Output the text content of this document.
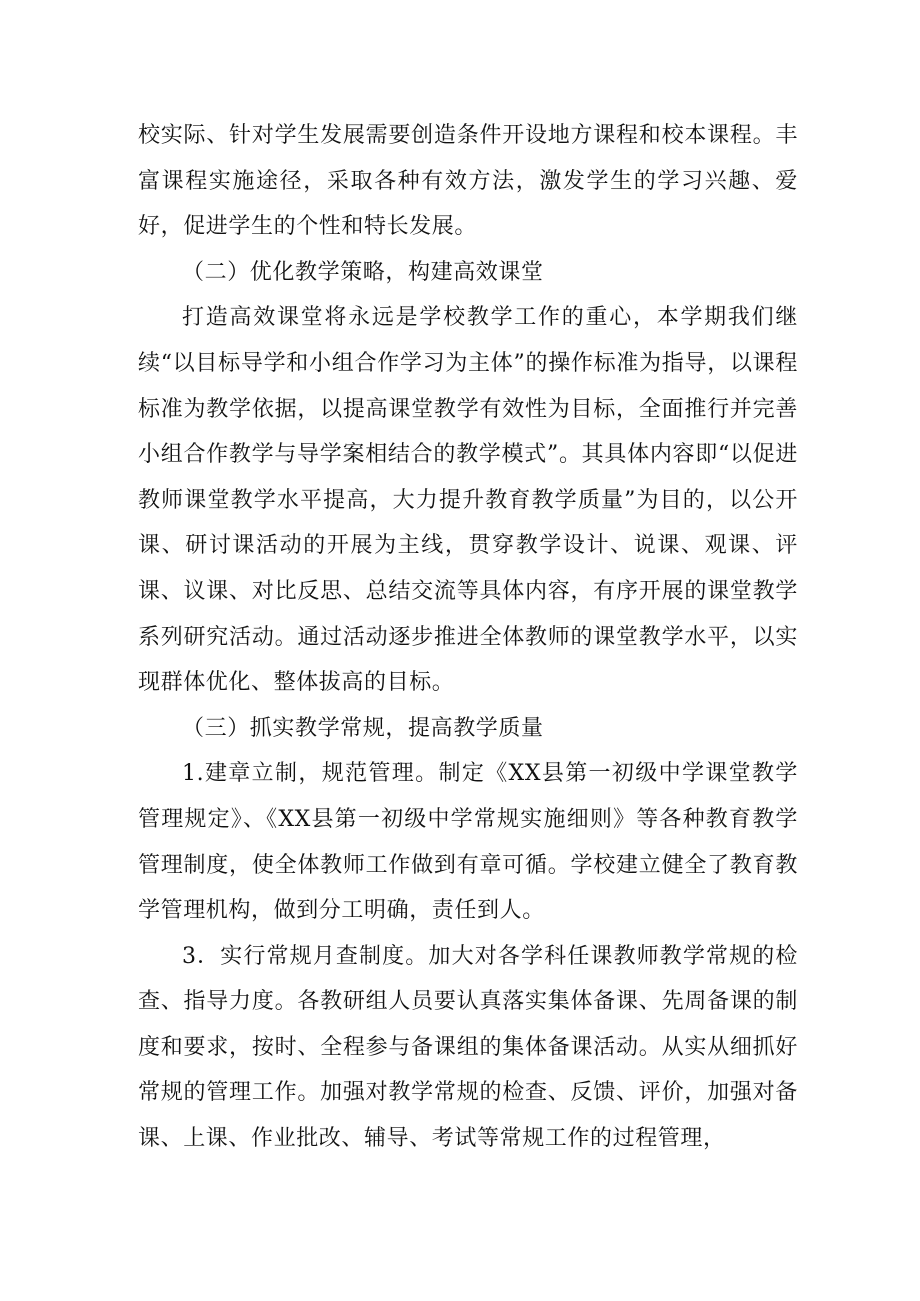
校实际、针对学生发展需要创造条件开设地方课程和校本课程。丰富课程实施途径，采取各种有效方法，激发学生的学习兴趣、爱好，促进学生的个性和特长发展。

（二）优化教学策略，构建高效课堂

打造高效课堂将永远是学校教学工作的重心，本学期我们继续“以目标导学和小组合作学习为主体”的操作标准为指导，以课程标准为教学依据，以提高课堂教学有效性为目标，全面推行并完善小组合作教学与导学案相结合的教学模式”。其具体内容即“以促进教师课堂教学水平提高，大力提升教育教学质量”为目的，以公开课、研讨课活动的开展为主线，贯穿教学设计、说课、观课、评课、议课、对比反思、总结交流等具体内容，有序开展的课堂教学系列研究活动。通过活动逐步推进全体教师的课堂教学水平，以实现群体优化、整体拔高的目标。

（三）抓实教学常规，提高教学质量

1.建章立制，规范管理。制定《XX县第一初级中学课堂教学管理规定》、《XX县第一初级中学常规实施细则》等各种教育教学管理制度，使全体教师工作做到有章可循。学校建立健全了教育教学管理机构，做到分工明确，责任到人。

3．实行常规月查制度。加大对各学科任课教师教学常规的检查、指导力度。各教研组人员要认真落实集体备课、先周备课的制度和要求，按时、全程参与备课组的集体备课活动。从实从细抓好常规的管理工作。加强对教学常规的检查、反馈、评价，加强对备课、上课、作业批改、辅导、考试等常规工作的过程管理，
